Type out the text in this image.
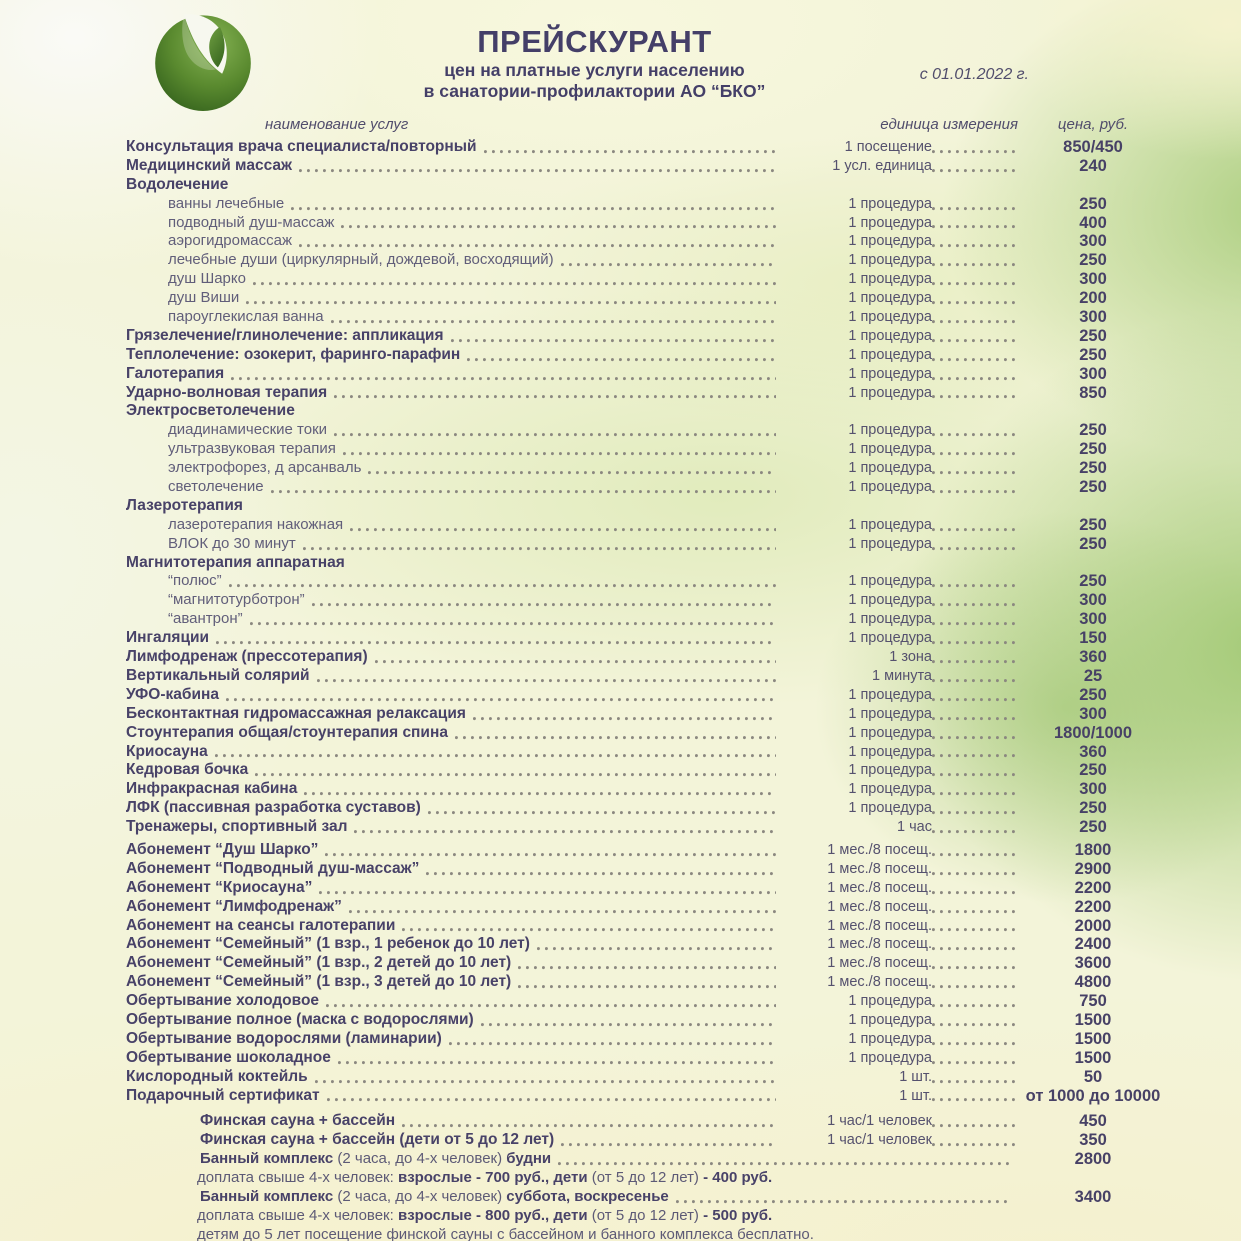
ПРЕЙСКУРАНТ
цен на платные услуги населению
в санатории-профилактории АО “БКО”
с 01.01.2022 г.
наименование услуг	единица измерения	цена, руб.
Консультация врача специалиста/повторный	1 посещение	850/450
Медицинский массаж	1 усл. единица	240
Водолечение
ванны лечебные	1 процедура	250
подводный душ-массаж	1 процедура	400
аэрогидромассаж	1 процедура	300
лечебные души (циркулярный, дождевой, восходящий)	1 процедура	250
душ Шарко	1 процедура	300
душ Виши	1 процедура	200
пароуглекислая ванна	1 процедура	300
Грязелечение/глинолечение: аппликация	1 процедура	250
Теплолечение: озокерит, фаринго-парафин	1 процедура	250
Галотерапия	1 процедура	300
Ударно-волновая терапия	1 процедура	850
Электросветолечение
диадинамические токи	1 процедура	250
ультразвуковая терапия	1 процедура	250
электрофорез, д арсанваль	1 процедура	250
светолечение	1 процедура	250
Лазеротерапия
лазеротерапия накожная	1 процедура	250
ВЛОК до 30 минут	1 процедура	250
Магнитотерапия аппаратная
“полюс”	1 процедура	250
“магнитотурботрон”	1 процедура	300
“авантрон”	1 процедура	300
Ингаляции	1 процедура	150
Лимфодренаж (прессотерапия)	1 зона	360
Вертикальный солярий	1 минута	25
УФО-кабина	1 процедура	250
Бесконтактная гидромассажная релаксация	1 процедура	300
Стоунтерапия общая/стоунтерапия спина	1 процедура	1800/1000
Криосауна	1 процедура	360
Кедровая бочка	1 процедура	250
Инфракрасная кабина	1 процедура	300
ЛФК (пассивная разработка суставов)	1 процедура	250
Тренажеры, спортивный зал	1 час	250
Абонемент “Душ Шарко”	1 мес./8 посещ.	1800
Абонемент “Подводный душ-массаж”	1 мес./8 посещ.	2900
Абонемент “Криосауна”	1 мес./8 посещ.	2200
Абонемент “Лимфодренаж”	1 мес./8 посещ.	2200
Абонемент на сеансы галотерапии	1 мес./8 посещ.	2000
Абонемент “Семейный” (1 взр., 1 ребенок до 10 лет)	1 мес./8 посещ.	2400
Абонемент “Семейный” (1 взр., 2 детей до 10 лет)	1 мес./8 посещ.	3600
Абонемент “Семейный” (1 взр., 3 детей до 10 лет)	1 мес./8 посещ.	4800
Обертывание холодовое	1 процедура	750
Обертывание полное (маска с водорослями)	1 процедура	1500
Обертывание водорослями (ламинарии)	1 процедура	1500
Обертывание шоколадное	1 процедура	1500
Кислородный коктейль	1 шт.	50
Подарочный сертификат	1 шт.	от 1000 до 10000
Финская сауна + бассейн	1 час/1 человек	450
Финская сауна + бассейн (дети от 5 до 12 лет)	1 час/1 человек	350
Банный комплекс (2 часа, до 4-х человек) будни	2800
доплата свыше 4-х человек: взрослые - 700 руб., дети (от 5 до 12 лет) - 400 руб.
Банный комплекс (2 часа, до 4-х человек) суббота, воскресенье	3400
доплата свыше 4-х человек: взрослые - 800 руб., дети (от 5 до 12 лет) - 500 руб.
детям до 5 лет посещение финской сауны с бассейном и банного комплекса бесплатно.
